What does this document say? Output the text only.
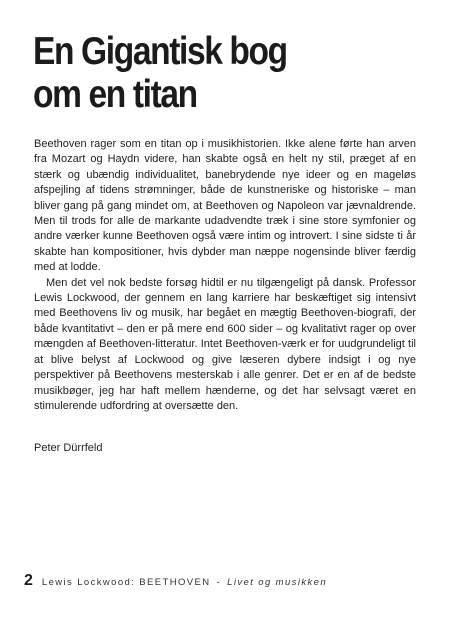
En Gigantisk bog
om en titan

Beethoven rager som en titan op i musikhistorien. Ikke alene førte han arven fra Mozart og Haydn videre, han skabte også en helt ny stil, præget af en stærk og ubændig individualitet, banebrydende nye ideer og en mageløs afspejling af tidens strømninger, både de kunstneriske og historiske – man bliver gang på gang mindet om, at Beethoven og Napoleon var jævnaldrende. Men til trods for alle de markante udadvendte træk i sine store symfonier og andre værker kunne Beethoven også være intim og introvert. I sine sidste ti år skabte han kompositioner, hvis dybder man næppe nogensinde bliver færdig med at lodde.

Men det vel nok bedste forsøg hidtil er nu tilgængeligt på dansk. Professor Lewis Lockwood, der gennem en lang karriere har beskæftiget sig intensivt med Beethovens liv og musik, har begået en mægtig Beethoven-biografi, der både kvantitativt – den er på mere end 600 sider – og kvalitativt rager op over mængden af Beethoven-litteratur. Intet Beethoven-værk er for uudgrundeligt til at blive belyst af Lockwood og give læseren dybere indsigt i og nye perspektiver på Beethovens mesterskab i alle genrer. Det er en af de bedste musikbøger, jeg har haft mellem hænderne, og det har selvsagt været en stimulerende udfordring at oversætte den.

Peter Dürrfeld

2 Lewis Lockwood: BEETHOVEN - Livet og musikken
